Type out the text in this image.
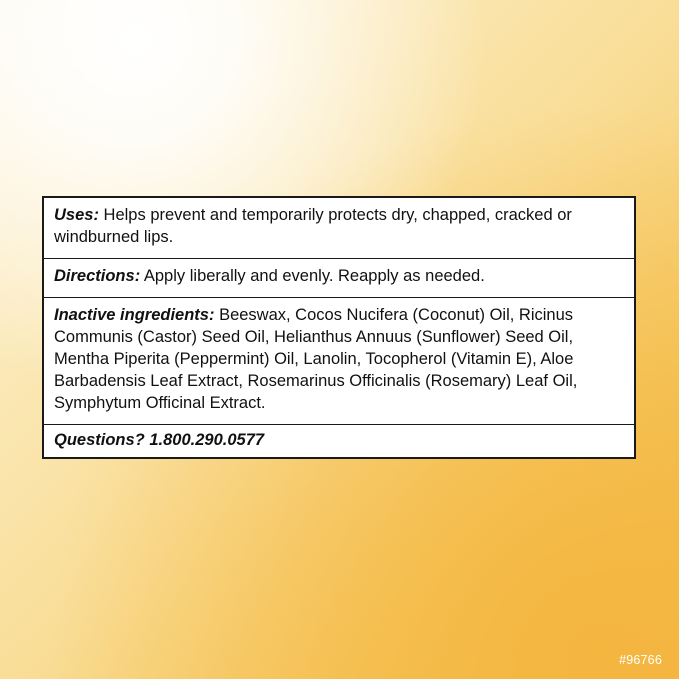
Uses: Helps prevent and temporarily protects dry, chapped, cracked or windburned lips.
Directions: Apply liberally and evenly. Reapply as needed.
Inactive ingredients: Beeswax, Cocos Nucifera (Coconut) Oil, Ricinus Communis (Castor) Seed Oil, Helianthus Annuus (Sunflower) Seed Oil, Mentha Piperita (Peppermint) Oil, Lanolin, Tocopherol (Vitamin E), Aloe Barbadensis Leaf Extract, Rosemarinus Officinalis (Rosemary) Leaf Oil, Symphytum Officinal Extract.
Questions? 1.800.290.0577
#96766
